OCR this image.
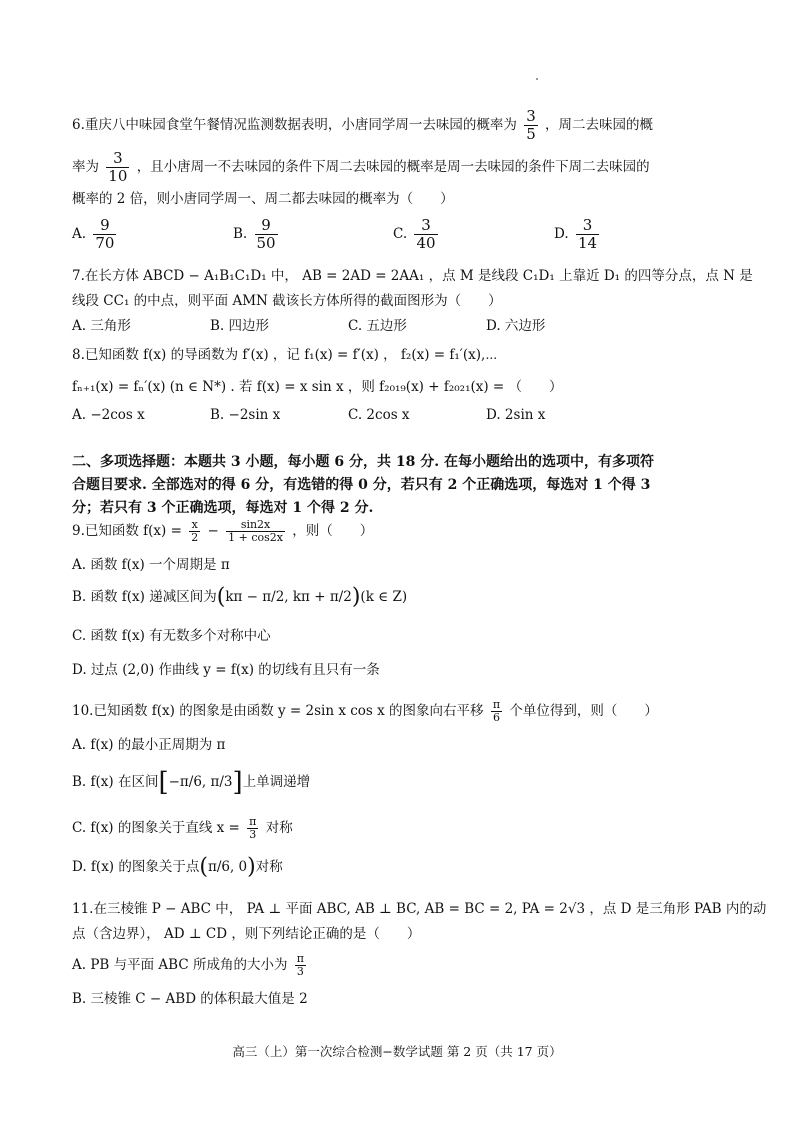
6.重庆八中味园食堂午餐情况监测数据表明，小唐同学周一去味园的概率为 $\frac{3}{5}$ ，周二去味园的概
率为 $\frac{3}{10}$ ，且小唐周一不去味园的条件下周二去味园的概率是周一去味园的条件下周二去味园的
概率的 2 倍，则小唐同学周一、周二都去味园的概率为（　　）
A. $\frac{9}{70}$	B. $\frac{9}{50}$	C. $\frac{3}{40}$	D. $\frac{3}{14}$
7.在长方体 ABCD − A₁B₁C₁D₁ 中， AB = 2AD = 2AA₁ ，点 M 是线段 C₁D₁ 上靠近 D₁ 的四等分点，点 N 是
线段 CC₁ 的中点，则平面 AMN 截该长方体所得的截面图形为（　　）
A. 三角形	B. 四边形	C. 五边形	D. 六边形
8.已知函数 f(x) 的导函数为 f′(x) ，记 f₁(x) = f′(x) ， f₂(x) = f₁′(x),⋯
fₙ₊₁(x) = fₙ′(x) (n ∈ N*) . 若 f(x) = x sin x ，则 f₂₀₁₉(x) + f₂₀₂₁(x) = （　　）
A. −2cos x	B. −2sin x	C. 2cos x	D. 2sin x
二、多项选择题：本题共 3 小题，每小题 6 分，共 18 分. 在每小题给出的选项中，有多项符
合题目要求. 全部选对的得 6 分，有选错的得 0 分，若只有 2 个正确选项，每选对 1 个得 3
分；若只有 3 个正确选项，每选对 1 个得 2 分.
9.已知函数 $f(x) = \frac{x}{2} - \frac{\sin 2x}{1 + \cos 2x}$ ，则（　　）
A. 函数 f(x) 一个周期是 π
B. 函数 f(x) 递减区间为(kπ − π/2, kπ + π/2)(k ∈ Z)
C. 函数 f(x) 有无数多个对称中心
D. 过点 (2,0) 作曲线 y = f(x) 的切线有且只有一条
10.已知函数 f(x) 的图象是由函数 y = 2sin x cos x 的图象向右平移 $\frac{\pi}{6}$ 个单位得到，则（　　）
A. f(x) 的最小正周期为 π
B. f(x) 在区间[−π/6, π/3]上单调递增
C. f(x) 的图象关于直线 $x = \frac{\pi}{3}$ 对称
D. f(x) 的图象关于点(π/6, 0)对称
11.在三棱锥 P − ABC 中， PA ⊥ 平面 ABC, AB ⊥ BC, AB = BC = 2, PA = 2√3 ，点 D 是三角形 PAB 内的动
点（含边界）， AD ⊥ CD ，则下列结论正确的是（　　）
A. PB 与平面 ABC 所成角的大小为 $\frac{\pi}{3}$
B. 三棱锥 C − ABD 的体积最大值是 2
高三（上）第一次综合检测−数学试题 第 2 页（共 17 页）
